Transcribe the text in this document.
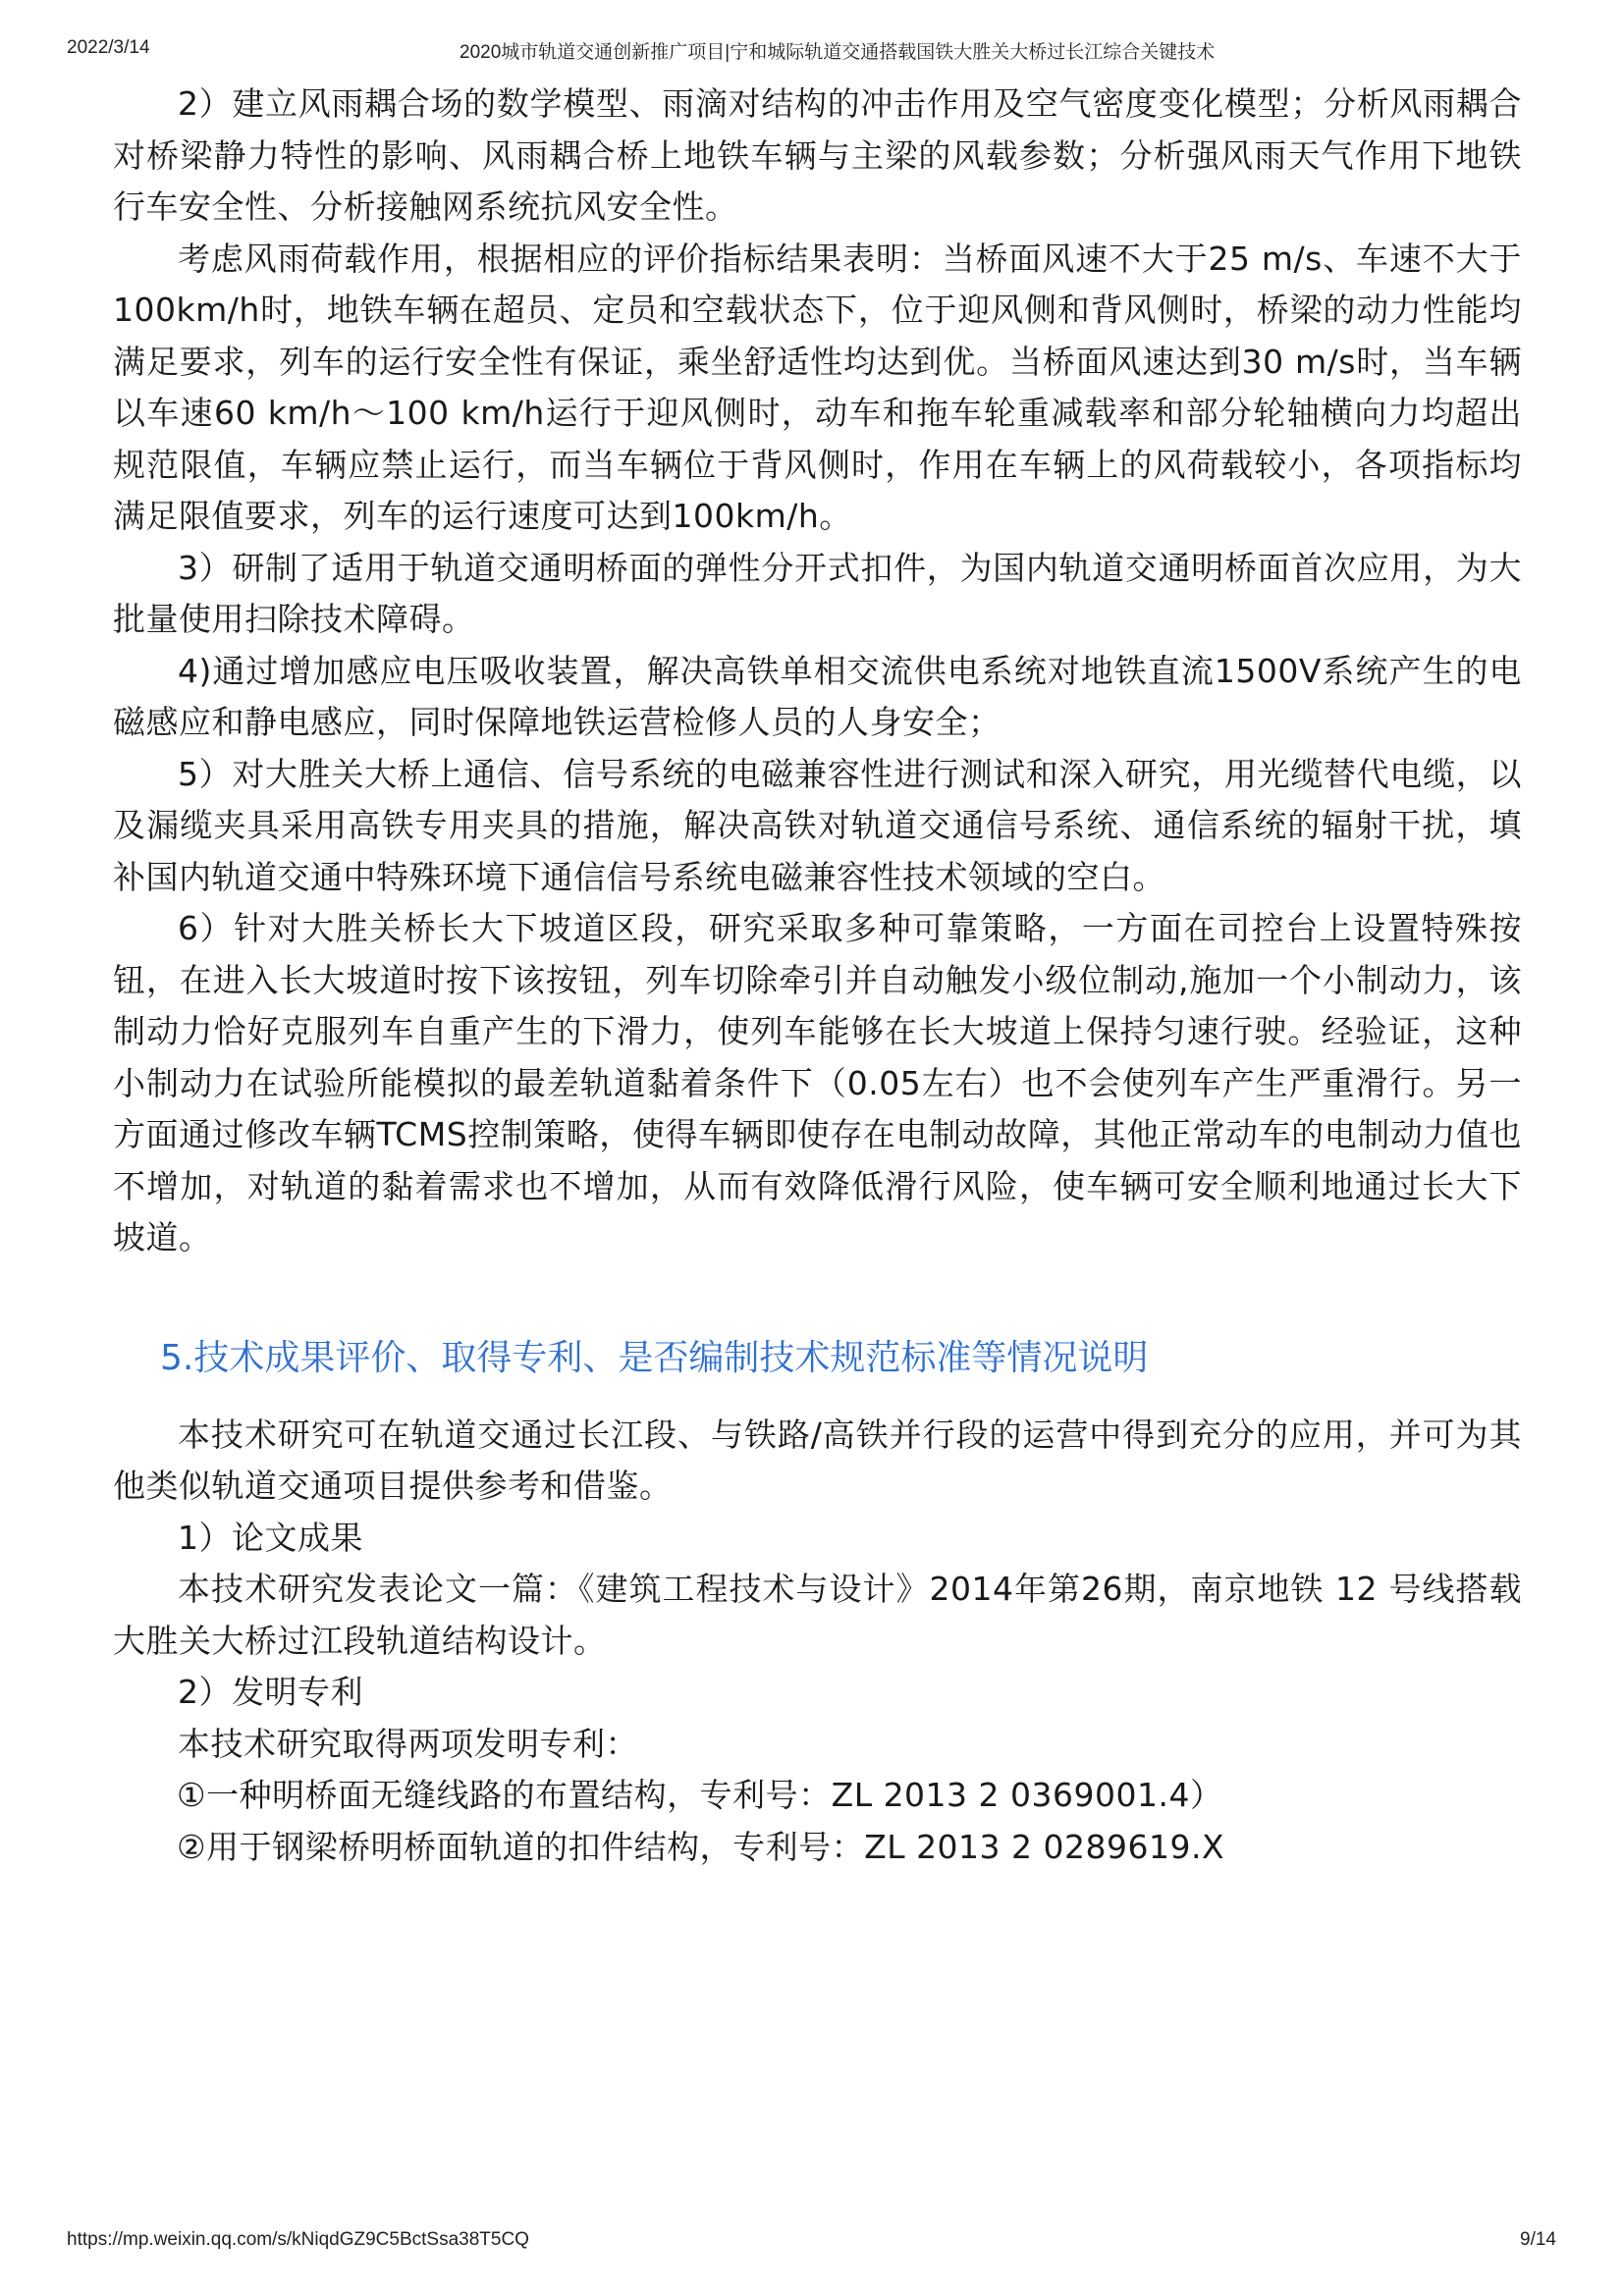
2022/3/14	2020城市轨道交通创新推广项目|宁和城际轨道交通搭载国铁大胜关大桥过长江综合关键技术

2）建立风雨耦合场的数学模型、雨滴对结构的冲击作用及空气密度变化模型；分析风雨耦合对桥梁静力特性的影响、风雨耦合桥上地铁车辆与主梁的风载参数；分析强风雨天气作用下地铁行车安全性、分析接触网系统抗风安全性。

考虑风雨荷载作用，根据相应的评价指标结果表明：当桥面风速不大于25 m/s、车速不大于100km/h时，地铁车辆在超员、定员和空载状态下，位于迎风侧和背风侧时，桥梁的动力性能均满足要求，列车的运行安全性有保证，乘坐舒适性均达到优。当桥面风速达到30 m/s时，当车辆以车速60 km/h～100 km/h运行于迎风侧时，动车和拖车轮重减载率和部分轮轴横向力均超出规范限值，车辆应禁止运行，而当车辆位于背风侧时，作用在车辆上的风荷载较小，各项指标均满足限值要求，列车的运行速度可达到100km/h。

3）研制了适用于轨道交通明桥面的弹性分开式扣件，为国内轨道交通明桥面首次应用，为大批量使用扫除技术障碍。

4)通过增加感应电压吸收装置，解决高铁单相交流供电系统对地铁直流1500V系统产生的电磁感应和静电感应，同时保障地铁运营检修人员的人身安全；

5）对大胜关大桥上通信、信号系统的电磁兼容性进行测试和深入研究，用光缆替代电缆，以及漏缆夹具采用高铁专用夹具的措施，解决高铁对轨道交通信号系统、通信系统的辐射干扰，填补国内轨道交通中特殊环境下通信信号系统电磁兼容性技术领域的空白。

6）针对大胜关桥长大下坡道区段，研究采取多种可靠策略，一方面在司控台上设置特殊按钮，在进入长大坡道时按下该按钮，列车切除牵引并自动触发小级位制动,施加一个小制动力，该制动力恰好克服列车自重产生的下滑力，使列车能够在长大坡道上保持匀速行驶。经验证，这种小制动力在试验所能模拟的最差轨道黏着条件下（0.05左右）也不会使列车产生严重滑行。另一方面通过修改车辆TCMS控制策略，使得车辆即使存在电制动故障，其他正常动车的电制动力值也不增加，对轨道的黏着需求也不增加，从而有效降低滑行风险，使车辆可安全顺利地通过长大下坡道。

5.技术成果评价、取得专利、是否编制技术规范标准等情况说明

本技术研究可在轨道交通过长江段、与铁路/高铁并行段的运营中得到充分的应用，并可为其他类似轨道交通项目提供参考和借鉴。

1）论文成果

本技术研究发表论文一篇：《建筑工程技术与设计》2014年第26期，南京地铁 12 号线搭载大胜关大桥过江段轨道结构设计。

2）发明专利

本技术研究取得两项发明专利：

①一种明桥面无缝线路的布置结构，专利号：ZL 2013 2 0369001.4）

②用于钢梁桥明桥面轨道的扣件结构，专利号：ZL 2013 2 0289619.X

https://mp.weixin.qq.com/s/kNiqdGZ9C5BctSsa38T5CQ	9/14
